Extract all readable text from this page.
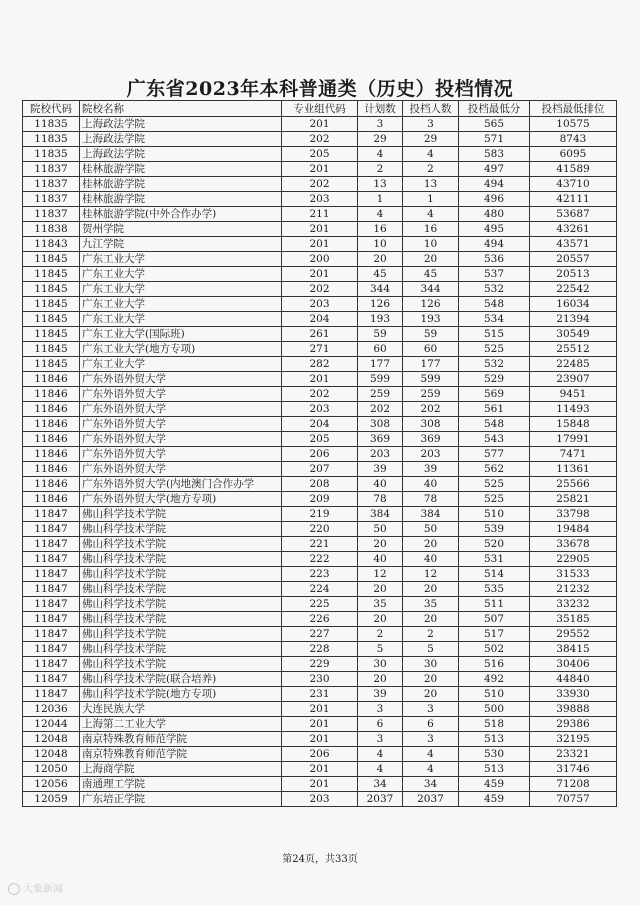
广东省2023年本科普通类（历史）投档情况
院校代码	院校名称	专业组代码	计划数	投档人数	投档最低分	投档最低排位
11835	上海政法学院	201	3	3	565	10575
11835	上海政法学院	202	29	29	571	8743
11835	上海政法学院	205	4	4	583	6095
11837	桂林旅游学院	201	2	2	497	41589
11837	桂林旅游学院	202	13	13	494	43710
11837	桂林旅游学院	203	1	1	496	42111
11837	桂林旅游学院(中外合作办学)	211	4	4	480	53687
11838	贺州学院	201	16	16	495	43261
11843	九江学院	201	10	10	494	43571
11845	广东工业大学	200	20	20	536	20557
11845	广东工业大学	201	45	45	537	20513
11845	广东工业大学	202	344	344	532	22542
11845	广东工业大学	203	126	126	548	16034
11845	广东工业大学	204	193	193	534	21394
11845	广东工业大学(国际班)	261	59	59	515	30549
11845	广东工业大学(地方专项)	271	60	60	525	25512
11845	广东工业大学	282	177	177	532	22485
11846	广东外语外贸大学	201	599	599	529	23907
11846	广东外语外贸大学	202	259	259	569	9451
11846	广东外语外贸大学	203	202	202	561	11493
11846	广东外语外贸大学	204	308	308	548	15848
11846	广东外语外贸大学	205	369	369	543	17991
11846	广东外语外贸大学	206	203	203	577	7471
11846	广东外语外贸大学	207	39	39	562	11361
11846	广东外语外贸大学(内地澳门合作办学	208	40	40	525	25566
11846	广东外语外贸大学(地方专项)	209	78	78	525	25821
11847	佛山科学技术学院	219	384	384	510	33798
11847	佛山科学技术学院	220	50	50	539	19484
11847	佛山科学技术学院	221	20	20	520	33678
11847	佛山科学技术学院	222	40	40	531	22905
11847	佛山科学技术学院	223	12	12	514	31533
11847	佛山科学技术学院	224	20	20	535	21232
11847	佛山科学技术学院	225	35	35	511	33232
11847	佛山科学技术学院	226	20	20	507	35185
11847	佛山科学技术学院	227	2	2	517	29552
11847	佛山科学技术学院	228	5	5	502	38415
11847	佛山科学技术学院	229	30	30	516	30406
11847	佛山科学技术学院(联合培养)	230	20	20	492	44840
11847	佛山科学技术学院(地方专项)	231	39	20	510	33930
12036	大连民族大学	201	3	3	500	39888
12044	上海第二工业大学	201	6	6	518	29386
12048	南京特殊教育师范学院	201	3	3	513	32195
12048	南京特殊教育师范学院	206	4	4	530	23321
12050	上海商学院	201	4	4	513	31746
12056	南通理工学院	201	34	34	459	71208
12059	广东培正学院	203	2037	2037	459	70757
第24页，共33页
大象新闻
